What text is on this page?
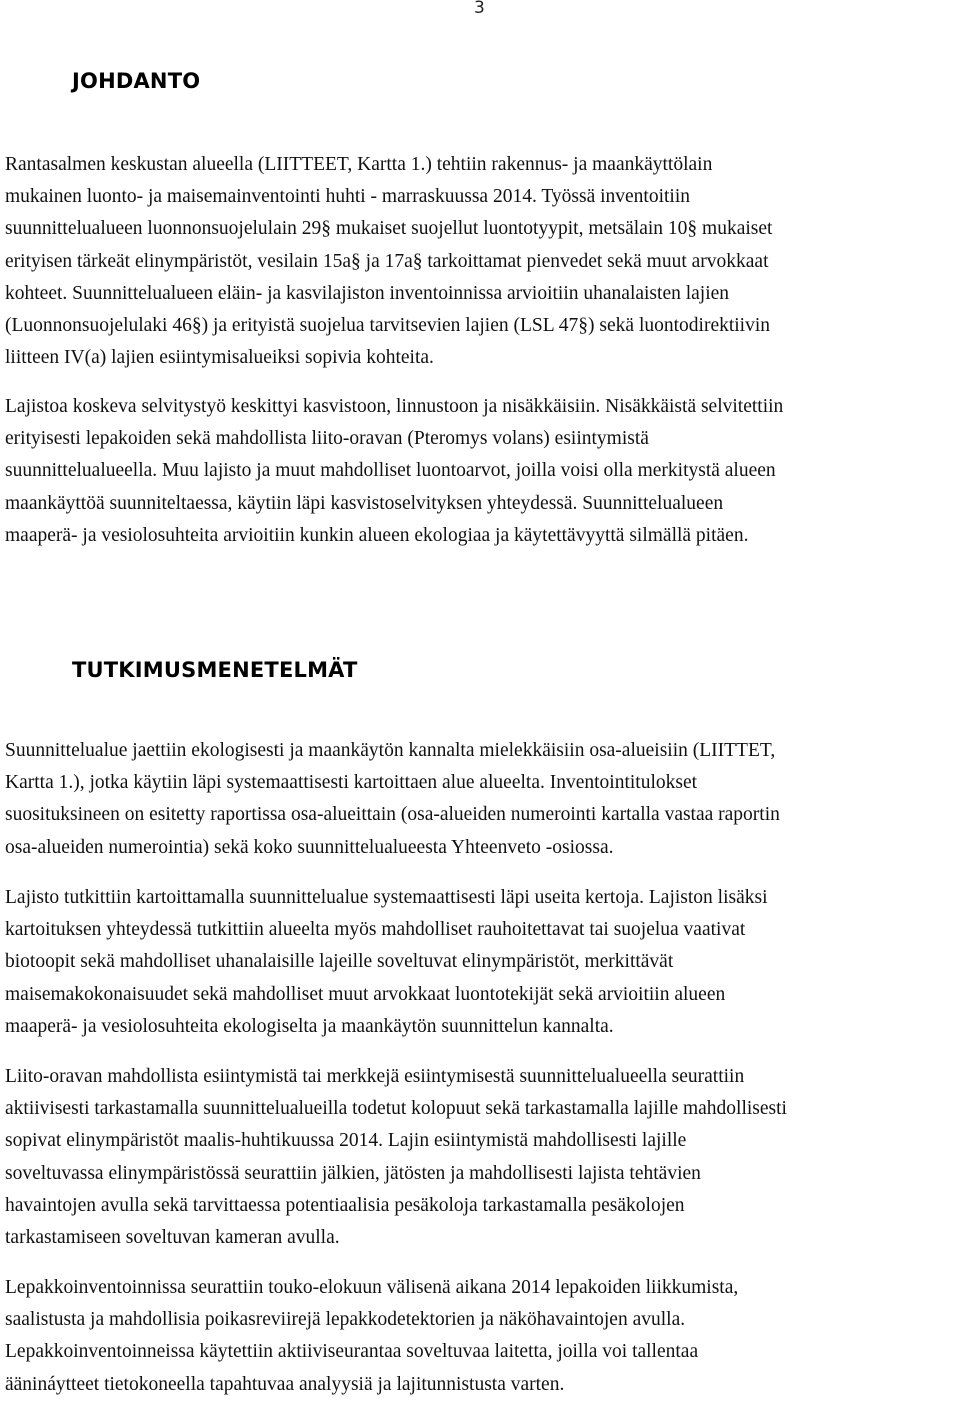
3
JOHDANTO

Rantasalmen keskustan alueella (LIITTEET, Kartta 1.) tehtiin rakennus- ja maankäyttölain
mukainen luonto- ja maisemainventointi huhti - marraskuussa 2014. Työssä inventoitiin
suunnittelualueen luonnonsuojelulain 29§ mukaiset suojellut luontotyypit, metsälain 10§ mukaiset
erityisen tärkeät elinympäristöt, vesilain 15a§ ja 17a§ tarkoittamat pienvedet sekä muut arvokkaat
kohteet. Suunnittelualueen eläin- ja kasvilajiston inventoinnissa arvioitiin uhanalaisten lajien
(Luonnonsuojelulaki 46§) ja erityistä suojelua tarvitsevien lajien (LSL 47§) sekä luontodirektiivin
liitteen IV(a) lajien esiintymisalueiksi sopivia kohteita.

Lajistoa koskeva selvitystyö keskittyi kasvistoon, linnustoon ja nisäkkäisiin. Nisäkkäistä selvitettiin
erityisesti lepakoiden sekä mahdollista liito-oravan (Pteromys volans) esiintymistä
suunnittelualueella. Muu lajisto ja muut mahdolliset luontoarvot, joilla voisi olla merkitystä alueen
maankäyttöä suunniteltaessa, käytiin läpi kasvistoselvityksen yhteydessä. Suunnittelualueen
maaperä- ja vesiolosuhteita arvioitiin kunkin alueen ekologiaa ja käytettävyyttä silmällä pitäen.

TUTKIMUSMENETELMÄT

Suunnittelualue jaettiin ekologisesti ja maankäytön kannalta mielekkäisiin osa-alueisiin (LIITTET,
Kartta 1.), jotka käytiin läpi systemaattisesti kartoittaen alue alueelta. Inventointitulokset
suosituksineen on esitetty raportissa osa-alueittain (osa-alueiden numerointi kartalla vastaa raportin
osa-alueiden numerointia) sekä koko suunnittelualueesta Yhteenveto -osiossa.

Lajisto tutkittiin kartoittamalla suunnittelualue systemaattisesti läpi useita kertoja. Lajiston lisäksi
kartoituksen yhteydessä tutkittiin alueelta myös mahdolliset rauhoitettavat tai suojelua vaativat
biotoopit sekä mahdolliset uhanalaisille lajeille soveltuvat elinympäristöt, merkittävät
maisemakokonaisuudet sekä mahdolliset muut arvokkaat luontotekijät sekä arvioitiin alueen
maaperä- ja vesiolosuhteita ekologiselta ja maankäytön suunnittelun kannalta.

Liito-oravan mahdollista esiintymistä tai merkkejä esiintymisestä suunnittelualueella seurattiin
aktiivisesti tarkastamalla suunnittelualueilla todetut kolopuut sekä tarkastamalla lajille mahdollisesti
sopivat elinympäristöt maalis-huhtikuussa 2014. Lajin esiintymistä mahdollisesti lajille
soveltuvassa elinympäristössä seurattiin jälkien, jätösten ja mahdollisesti lajista tehtävien
havaintojen avulla sekä tarvittaessa potentiaalisia pesäkoloja tarkastamalla pesäkolojen
tarkastamiseen soveltuvan kameran avulla.

Lepakkoinventoinnissa seurattiin touko-elokuun välisenä aikana 2014 lepakoiden liikkumista,
saalistusta ja mahdollisia poikasreviirejä lepakkodetektorien ja näköhavaintojen avulla.
Lepakkoinventoinneissa käytettiin aktiiviseurantaa soveltuvaa laitetta, joilla voi tallentaa
äänináytteet tietokoneella tapahtuvaa analyysiä ja lajitunnistusta varten.
